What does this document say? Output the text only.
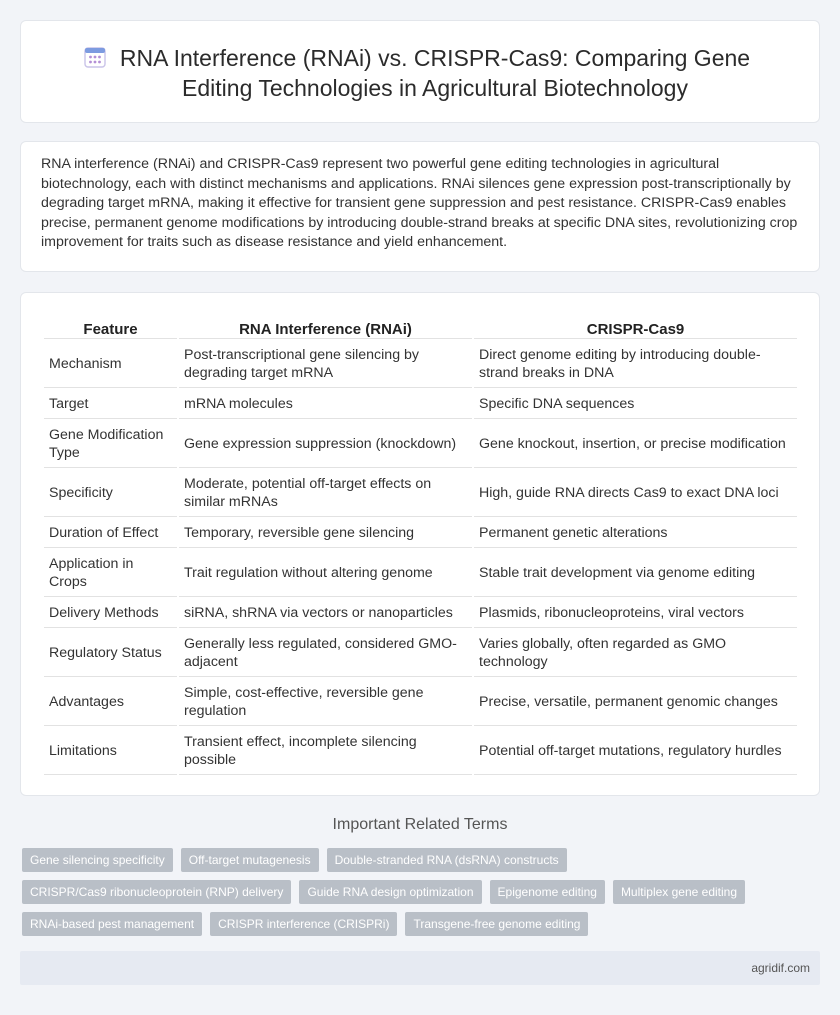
RNA Interference (RNAi) vs. CRISPR-Cas9: Comparing Gene Editing Technologies in Agricultural Biotechnology

RNA interference (RNAi) and CRISPR-Cas9 represent two powerful gene editing technologies in agricultural biotechnology, each with distinct mechanisms and applications. RNAi silences gene expression post-transcriptionally by degrading target mRNA, making it effective for transient gene suppression and pest resistance. CRISPR-Cas9 enables precise, permanent genome modifications by introducing double-strand breaks at specific DNA sites, revolutionizing crop improvement for traits such as disease resistance and yield enhancement.

Feature	RNA Interference (RNAi)	CRISPR-Cas9
Mechanism	Post-transcriptional gene silencing by degrading target mRNA	Direct genome editing by introducing double-strand breaks in DNA
Target	mRNA molecules	Specific DNA sequences
Gene Modification Type	Gene expression suppression (knockdown)	Gene knockout, insertion, or precise modification
Specificity	Moderate, potential off-target effects on similar mRNAs	High, guide RNA directs Cas9 to exact DNA loci
Duration of Effect	Temporary, reversible gene silencing	Permanent genetic alterations
Application in Crops	Trait regulation without altering genome	Stable trait development via genome editing
Delivery Methods	siRNA, shRNA via vectors or nanoparticles	Plasmids, ribonucleoproteins, viral vectors
Regulatory Status	Generally less regulated, considered GMO-adjacent	Varies globally, often regarded as GMO technology
Advantages	Simple, cost-effective, reversible gene regulation	Precise, versatile, permanent genomic changes
Limitations	Transient effect, incomplete silencing possible	Potential off-target mutations, regulatory hurdles
Important Related Terms
Gene silencing specificity	Off-target mutagenesis	Double-stranded RNA (dsRNA) constructs
CRISPR/Cas9 ribonucleoprotein (RNP) delivery	Guide RNA design optimization	Epigenome editing	Multiplex gene editing
RNAi-based pest management	CRISPR interference (CRISPRi)	Transgene-free genome editing
agridif.com
